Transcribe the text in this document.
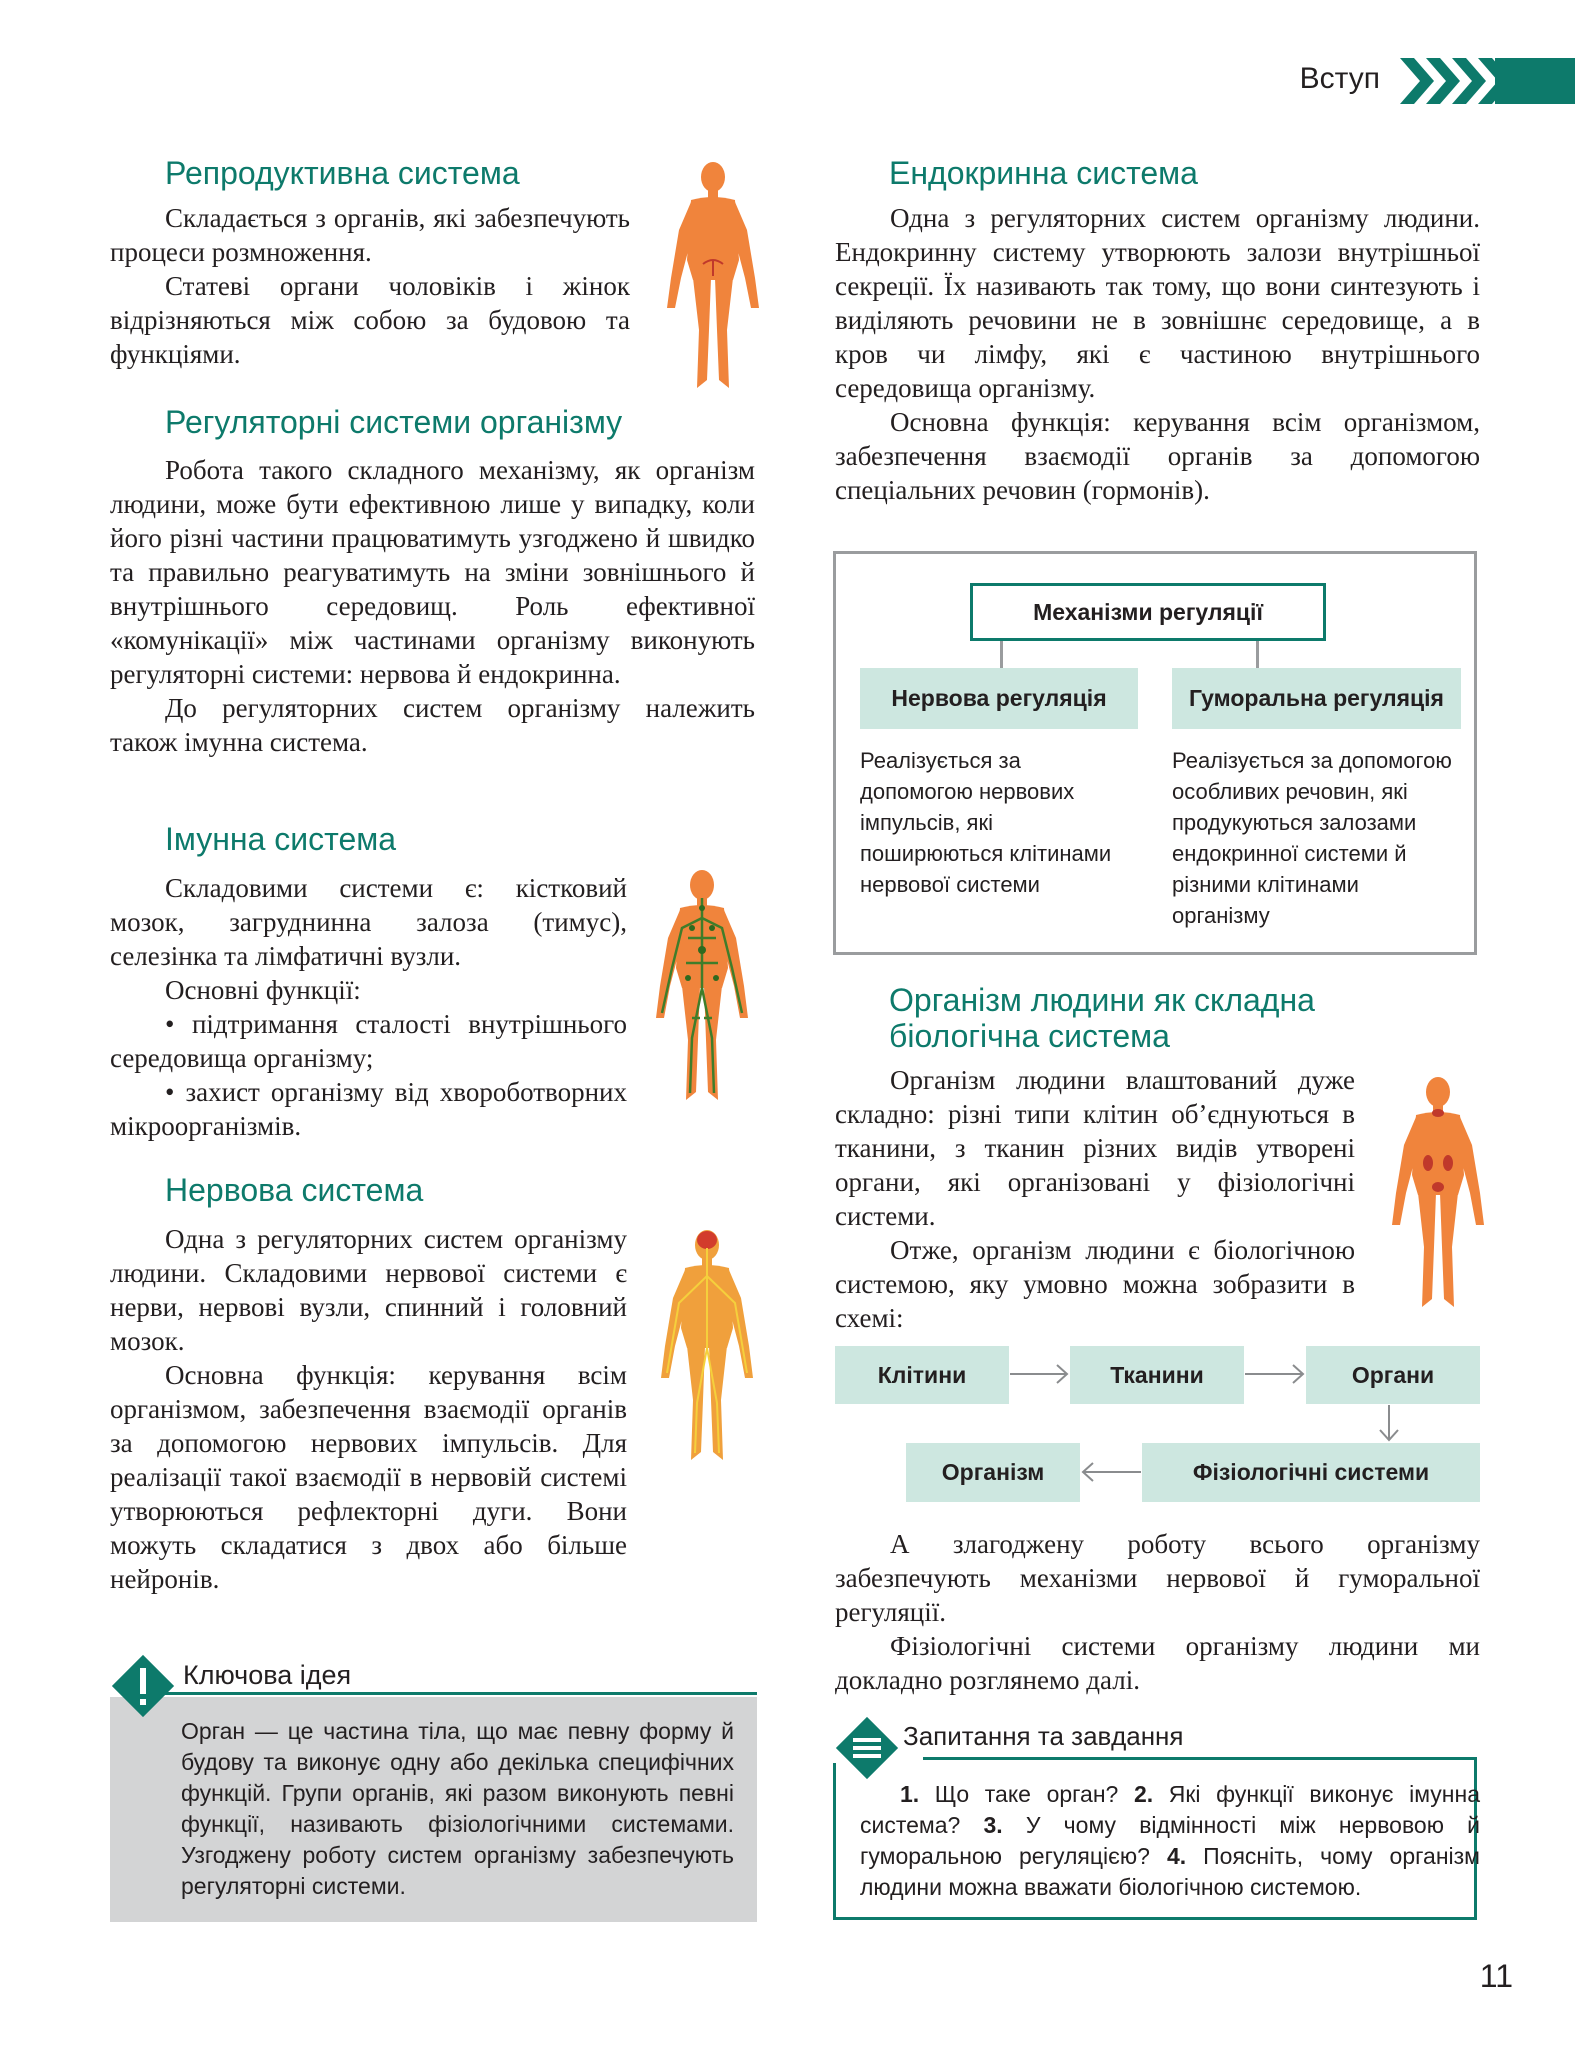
Вступ
Репродуктивна система

Складається з органів, які забезпечують процеси розмноження.

Статеві органи чоловіків і жінок відрізняються між собою за будовою та функціями.

Регуляторні системи організму

Робота такого складного механізму, як організм людини, може бути ефективною лише у випадку, коли його різні частини працюватимуть узгоджено й швидко та правильно реагуватимуть на зміни зовнішнього й внутрішнього середовищ. Роль ефективної «комунікації» між частинами організму виконують регуляторні системи: нервова й ендокринна.

До регуляторних систем організму належить також імунна система.

Імунна система

Складовими системи є: кістковий мозок, загруднинна залоза (тимус), селезінка та лімфатичні вузли.

Основні функції:

• підтримання сталості внутрішнього середовища організму;

• захист організму від хвороботворних мікроорганізмів.

Нервова система

Одна з регуляторних систем організму людини. Складовими нервової системи є нерви, нервові вузли, спинний і головний мозок.

Основна функція: керування всім організмом, забезпечення взаємодії органів за допомогою нервових імпульсів. Для реалізації такої взаємодії в нервовій системі утворюються рефлекторні дуги. Вони можуть складатися з двох або більше нейронів.

Ключова ідея
Орган — це частина тіла, що має певну форму й будову та виконує одну або декілька специфічних функцій. Групи органів, які разом виконують певні функції, називають фізіологічними системами. Узгоджену роботу систем організму забезпечують регуляторні системи.
Ендокринна система

Одна з регуляторних систем організму людини. Ендокринну систему утворюють залози внутрішньої секреції. Їх називають так тому, що вони синтезують і виділяють речовини не в зовнішнє середовище, а в кров чи лімфу, які є частиною внутрішнього середовища організму.

Основна функція: керування всім організмом, забезпечення взаємодії органів за допомогою спеціальних речовин (гормонів).

Механізми регуляції
Нервова регуляція	Гуморальна регуляція
Реалізується за допомогою нервових імпульсів, які поширюються клітинами нервової системи
Реалізується за допомогою особливих речовин, які продукуються залозами ендокринної системи й різними клітинами організму
Організм людини як складна
біологічна система

Організм людини влаштований дуже складно: різні типи клітин об’єднуються в тканини, з тканин різних видів утворені органи, які організовані у фізіологічні системи.

Отже, організм людини є біологічною системою, яку умовно можна зобразити в схемі:

Клітини	Тканини	Органи
Фізіологічні системи
Організм

А злагоджену роботу всього організму забезпечують механізми нервової й гуморальної регуляції.

Фізіологічні системи організму людини ми докладно розглянемо далі.

Запитання та завдання
1. Що таке орган? 2. Які функції виконує імунна система? 3. У чому відмінності між нервовою й гуморальною регуляцією? 4. Поясніть, чому організм людини можна вважати біологічною системою.
11
